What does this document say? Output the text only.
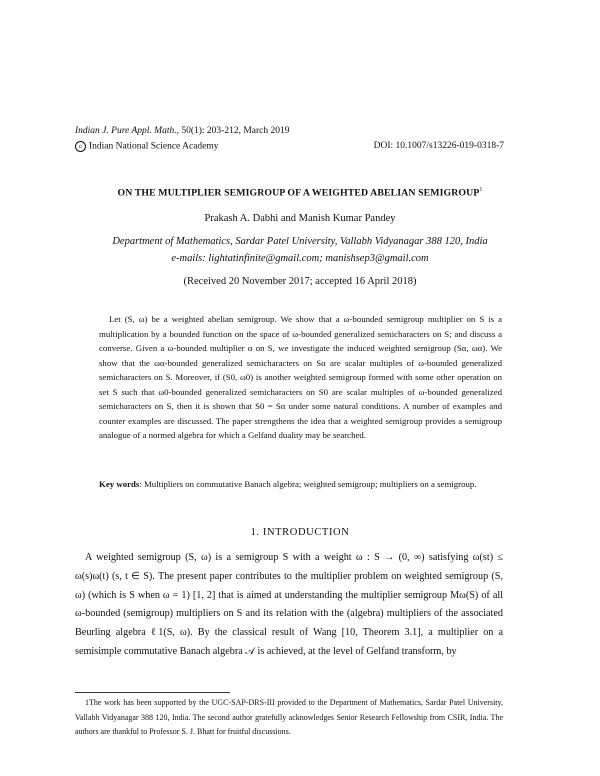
Indian J. Pure Appl. Math., 50(1): 203-212, March 2019
c Indian National Science Academy	DOI: 10.1007/s13226-019-0318-7
ON THE MULTIPLIER SEMIGROUP OF A WEIGHTED ABELIAN SEMIGROUP$^1$
Prakash A. Dabhi and Manish Kumar Pandey
Department of Mathematics, Sardar Patel University, Vallabh Vidyanagar 388 120, India
e-mails: lightatinfinite@gmail.com; manishsep3@gmail.com
(Received 20 November 2017; accepted 16 April 2018)

Let (S, ω) be a weighted abelian semigroup. We show that a ω-bounded semigroup multiplier on S is a multiplication by a bounded function on the space of ω-bounded generalized semicharacters on S; and discuss a converse. Given a ω-bounded multiplier α on S, we investigate the induced weighted semigroup (Sα, ωα). We show that the ωα-bounded generalized semicharacters on Sα are scalar multiples of ω-bounded generalized semicharacters on S. Moreover, if (S0, ω0) is another weighted semigroup formed with some other operation on set S such that ω0-bounded generalized semicharacters on S0 are scalar multiples of ω-bounded generalized semicharacters on S, then it is shown that S0 = Sα under some natural conditions. A number of examples and counter examples are discussed. The paper strengthens the idea that a weighted semigroup provides a semigroup analogue of a normed algebra for which a Gelfand duality may be searched.

Key words: Multipliers on commutative Banach algebra; weighted semigroup; multipliers on a semigroup.
1. INTRODUCTION

A weighted semigroup (S, ω) is a semigroup S with a weight ω : S → (0, ∞) satisfying ω(st) ≤ ω(s)ω(t) (s, t ∈ S). The present paper contributes to the multiplier problem on weighted semigroup (S, ω) (which is S when ω = 1) [1, 2] that is aimed at understanding the multiplier semigroup Mω(S) of all ω-bounded (semigroup) multipliers on S and its relation with the (algebra) multipliers of the associated Beurling algebra ℓ1(S, ω). By the classical result of Wang [10, Theorem 3.1], a multiplier on a semisimple commutative Banach algebra 𝒜 is achieved, at the level of Gelfand transform, by

1The work has been supported by the UGC-SAP-DRS-III provided to the Department of Mathematics, Sardar Patel University, Vallabh Vidyanagar 388 120, India. The second author gratefully acknowledges Senior Research Fellowship from CSIR, India. The authors are thankful to Professor S. J. Bhatt for fruitful discussions.
